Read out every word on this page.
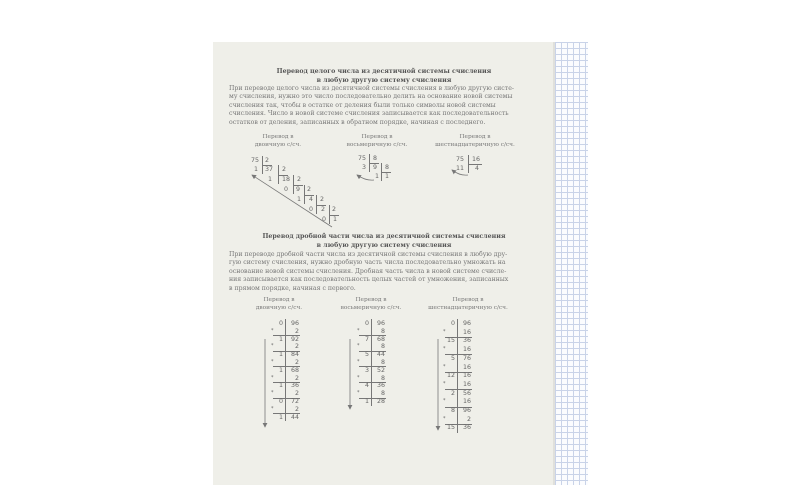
Перевод целого числа из десятичной системы счисления
в любую другую систему счисления
При переводе целого числа из десятичной системы счисления в любую другую систе-
му счисления, нужно это число последовательно делить на основание новой системы
счисления так, чтобы в остатке от деления были только символы новой системы
счисления. Число в новой системе счисления записывается как последовательность
остатков от деления, записанных в обратном порядке, начиная с последнего.
Перевод в
двоичную с/сч.
Перевод в
восьмеричную с/сч.
Перевод в
шестнадцатеричную с/сч.
75 2
1 37 2
1 18 2
0 9 2
1 4 2
0 2 2
0 1
75 8
3 9 8
1 1
75 16
11 4
Перевод дробной части числа из десятичной системы счисления
в любую другую систему счисления
При переводе дробной части числа из десятичной системы счисления в любую дру-
гую систему счисления, нужно дробную часть числа последовательно умножать на
основание новой системы счисления. Дробная часть числа в новой системе счисле-
ния записывается как последовательность целых частей от умножения, записанных
в прямом порядке, начиная с первого.
Перевод в
двоичную с/сч.
Перевод в
восьмеричную с/сч.
Перевод в
шестнадцатеричную с/сч.
0	96
*	2
1	92
*	2
1	84
*	2
1	68
*	2
1	36
*	2
0	72
*	2
1	44
0	96
*	8
7	68
*	8
5	44
*	8
3	52
*	8
4	36
*	8
1	28
0	96
*	16
15	36
*	16
5	76
*	16
12	16
*	16
2	56
*	16
8	96
*	2
15	36
